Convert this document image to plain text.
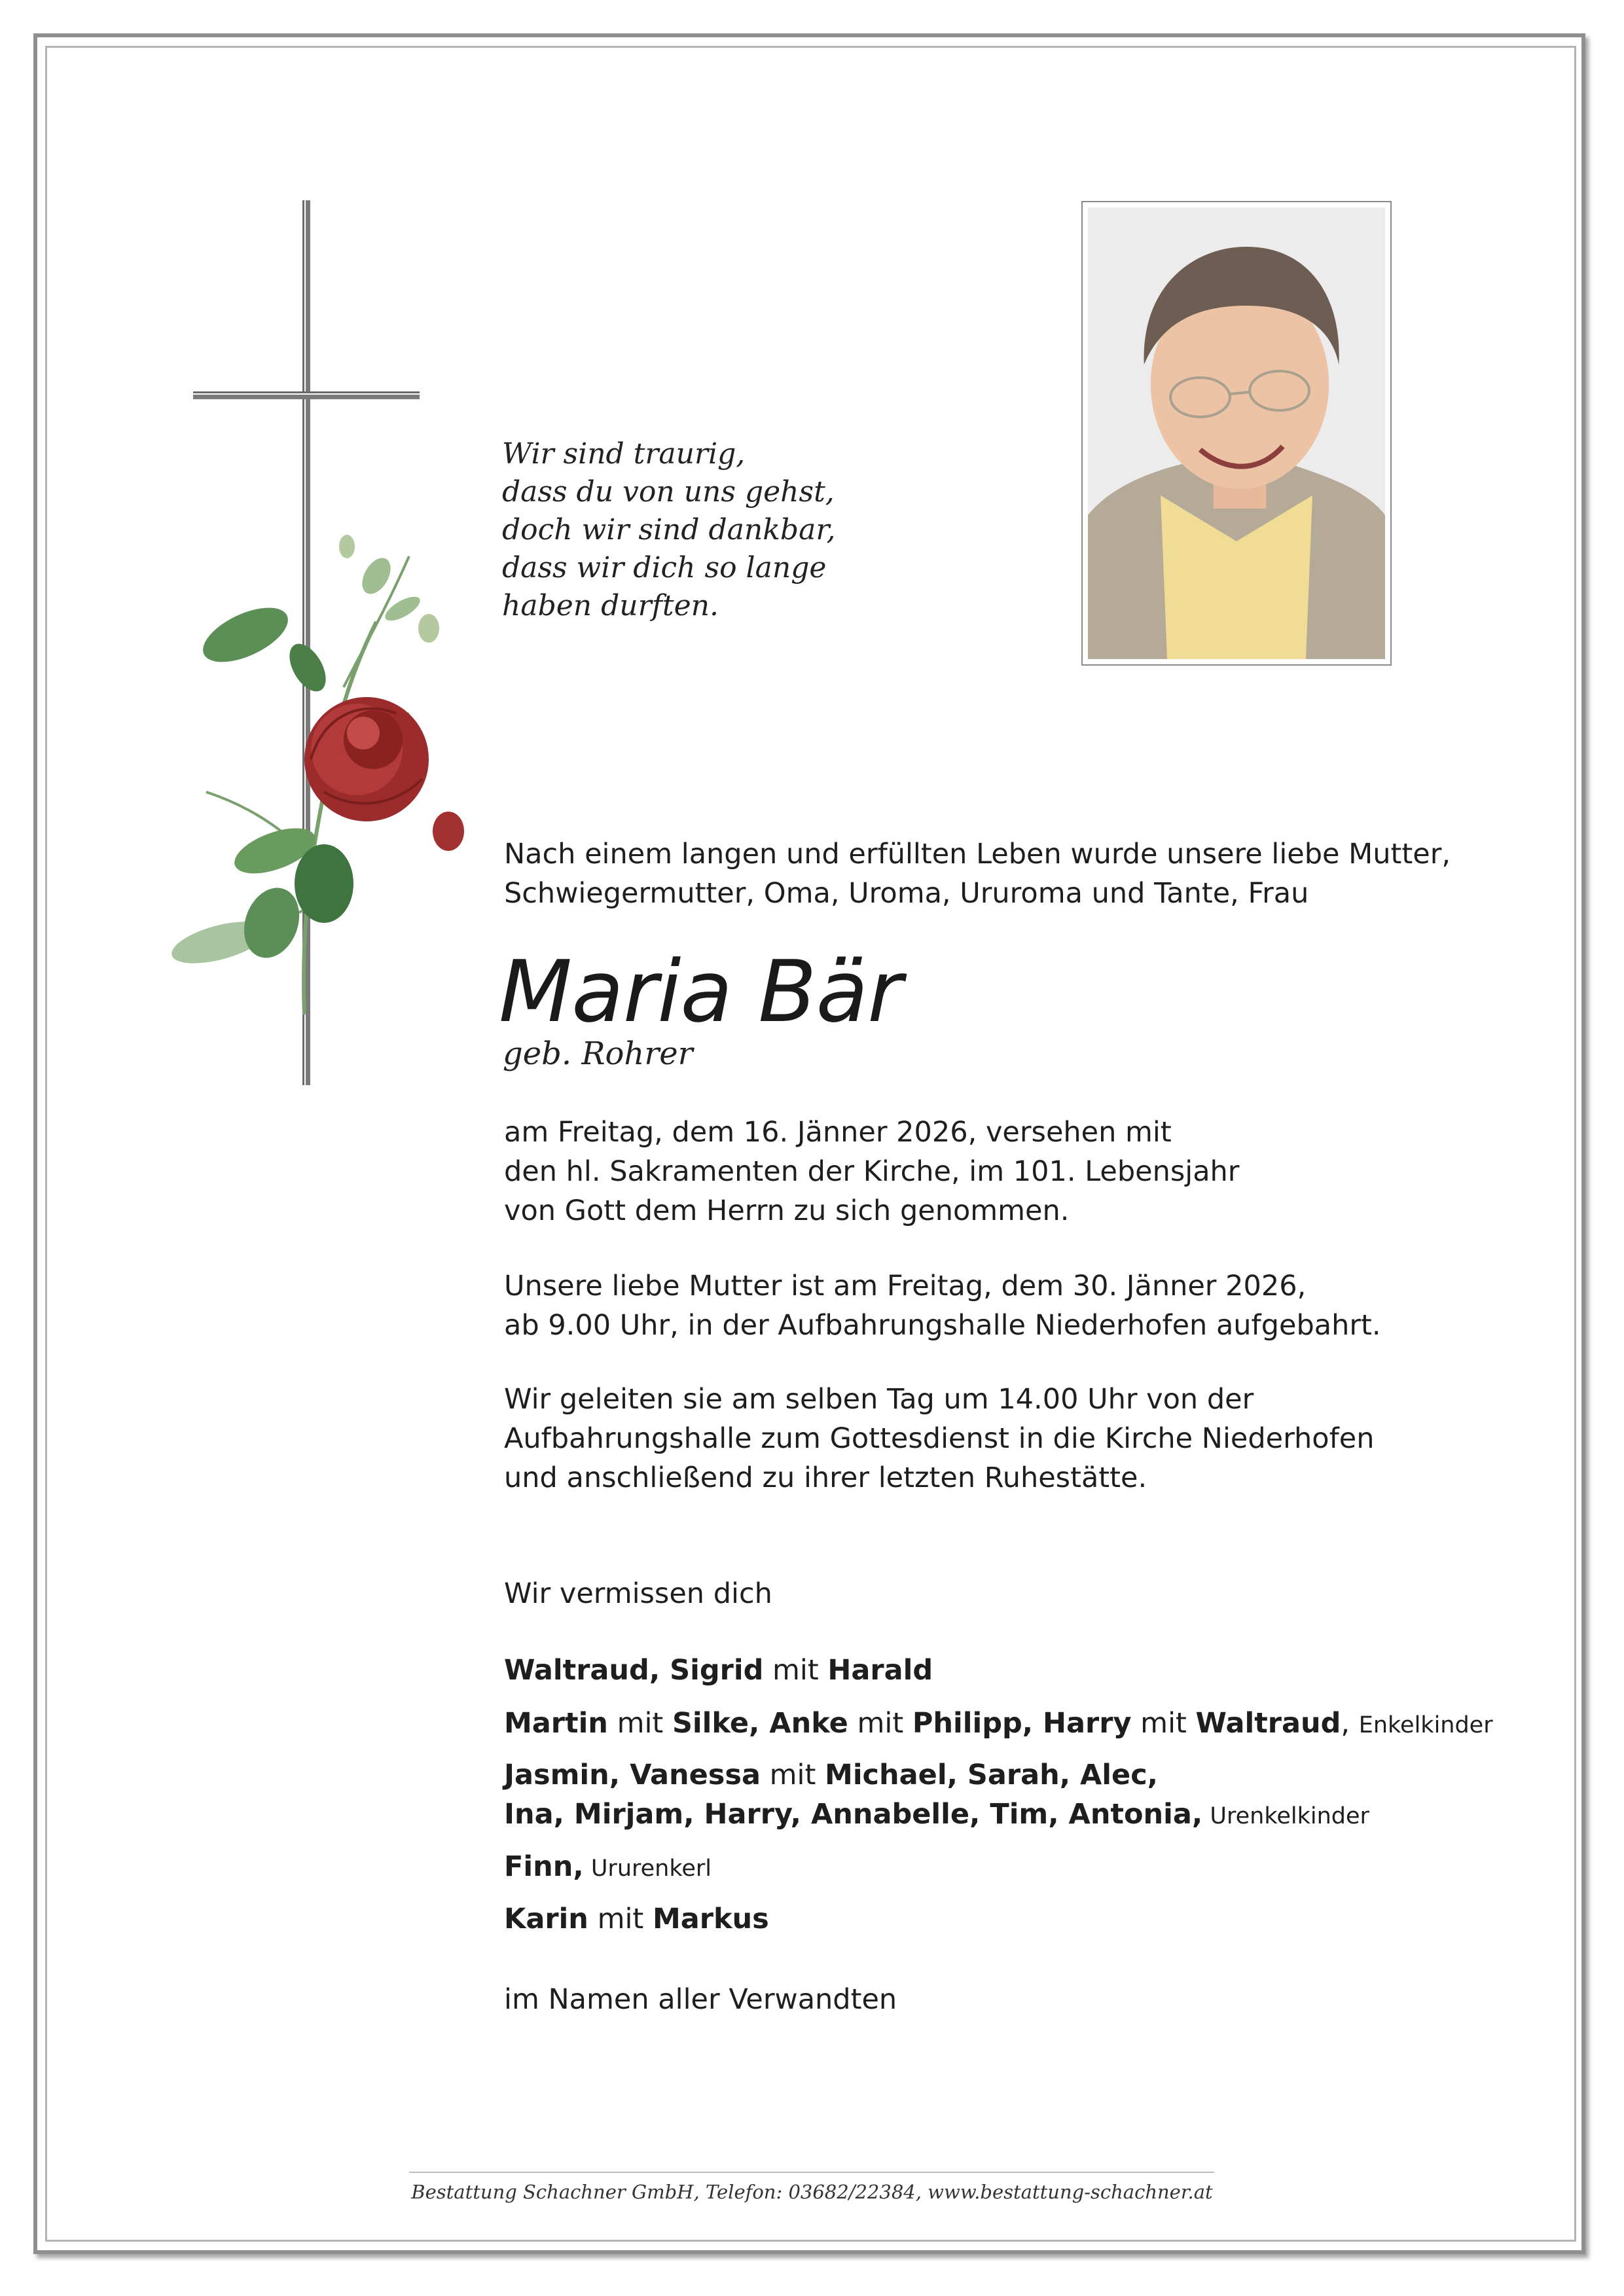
Wir sind traurig,
dass du von uns gehst,
doch wir sind dankbar,
dass wir dich so lange
haben durften.
Nach einem langen und erfüllten Leben wurde unsere liebe Mutter,
Schwiegermutter, Oma, Uroma, Ururoma und Tante, Frau
Maria Bär
geb. Rohrer
am Freitag, dem 16. Jänner 2026, versehen mit
den hl. Sakramenten der Kirche, im 101. Lebensjahr
von Gott dem Herrn zu sich genommen.
Unsere liebe Mutter ist am Freitag, dem 30. Jänner 2026,
ab 9.00 Uhr, in der Aufbahrungshalle Niederhofen aufgebahrt.
Wir geleiten sie am selben Tag um 14.00 Uhr von der
Aufbahrungshalle zum Gottesdienst in die Kirche Niederhofen
und anschließend zu ihrer letzten Ruhestätte.
Wir vermissen dich
Waltraud, Sigrid mit Harald
Martin mit Silke, Anke mit Philipp, Harry mit Waltraud, Enkelkinder
Jasmin, Vanessa mit Michael, Sarah, Alec,
Ina, Mirjam, Harry, Annabelle, Tim, Antonia, Urenkelkinder
Finn, Ururenkerl
Karin mit Markus
im Namen aller Verwandten
Bestattung Schachner GmbH, Telefon: 03682/22384, www.bestattung-schachner.at
